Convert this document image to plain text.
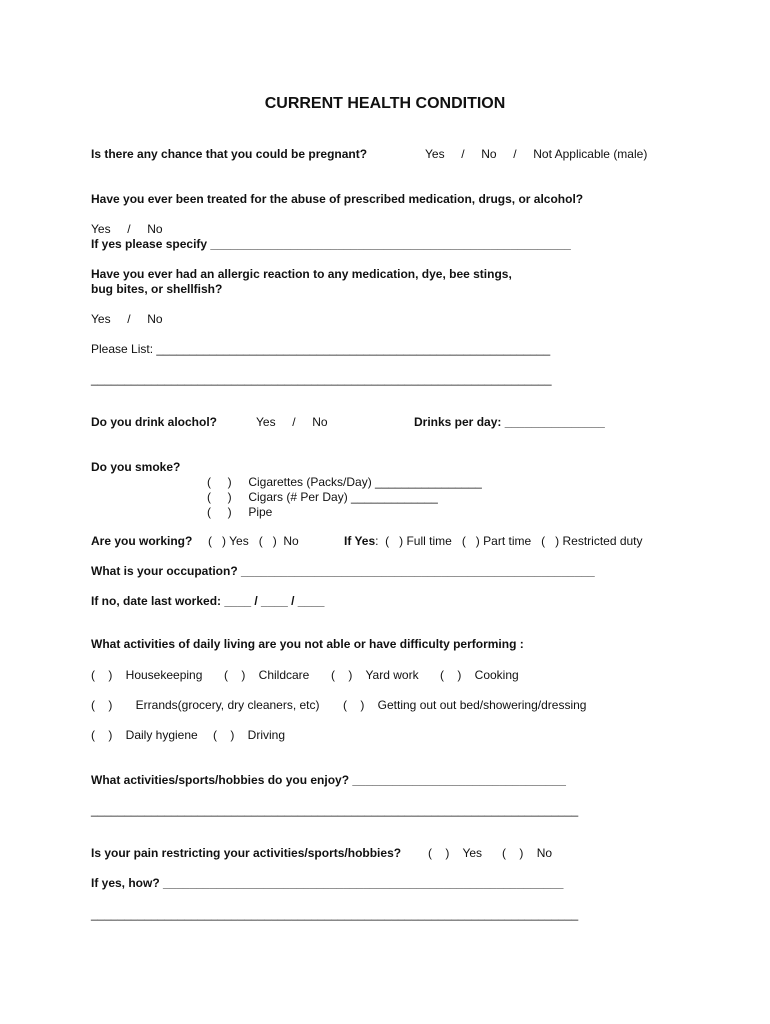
CURRENT HEALTH CONDITION
Is there any chance that you could be pregnant?	Yes     /     No     /     Not Applicable (male)
Have you ever been treated for the abuse of prescribed medication, drugs, or alcohol?
Yes     /     No
If yes please specify ______________________________________________________
Have you ever had an allergic reaction to any medication, dye, bee stings,
bug bites, or shellfish?
Yes     /     No
Please List: ___________________________________________________________
_____________________________________________________________________
Do you drink alochol?	Yes     /     No	Drinks per day: _______________
Do you smoke?
(     )     Cigarettes (Packs/Day) ________________
(     )     Cigars (# Per Day) _____________
(     )     Pipe
Are you working? (   ) Yes   (   )  No	If Yes:  (   ) Full time   (   ) Part time   (   ) Restricted duty
What is your occupation? _____________________________________________________
If no, date last worked: ____ / ____ / ____
What activities of daily living are you not able or have difficulty performing :
(    )    Housekeeping (    )    Childcare (    )    Yard work (    )    Cooking
(    )       Errands(grocery, dry cleaners, etc) (    )    Getting out out bed/showering/dressing
(    )    Daily hygiene (    )    Driving
What activities/sports/hobbies do you enjoy? ________________________________
_________________________________________________________________________
Is your pain restricting your activities/sports/hobbies? (    )    Yes      (    )    No
If yes, how? ____________________________________________________________
_________________________________________________________________________
